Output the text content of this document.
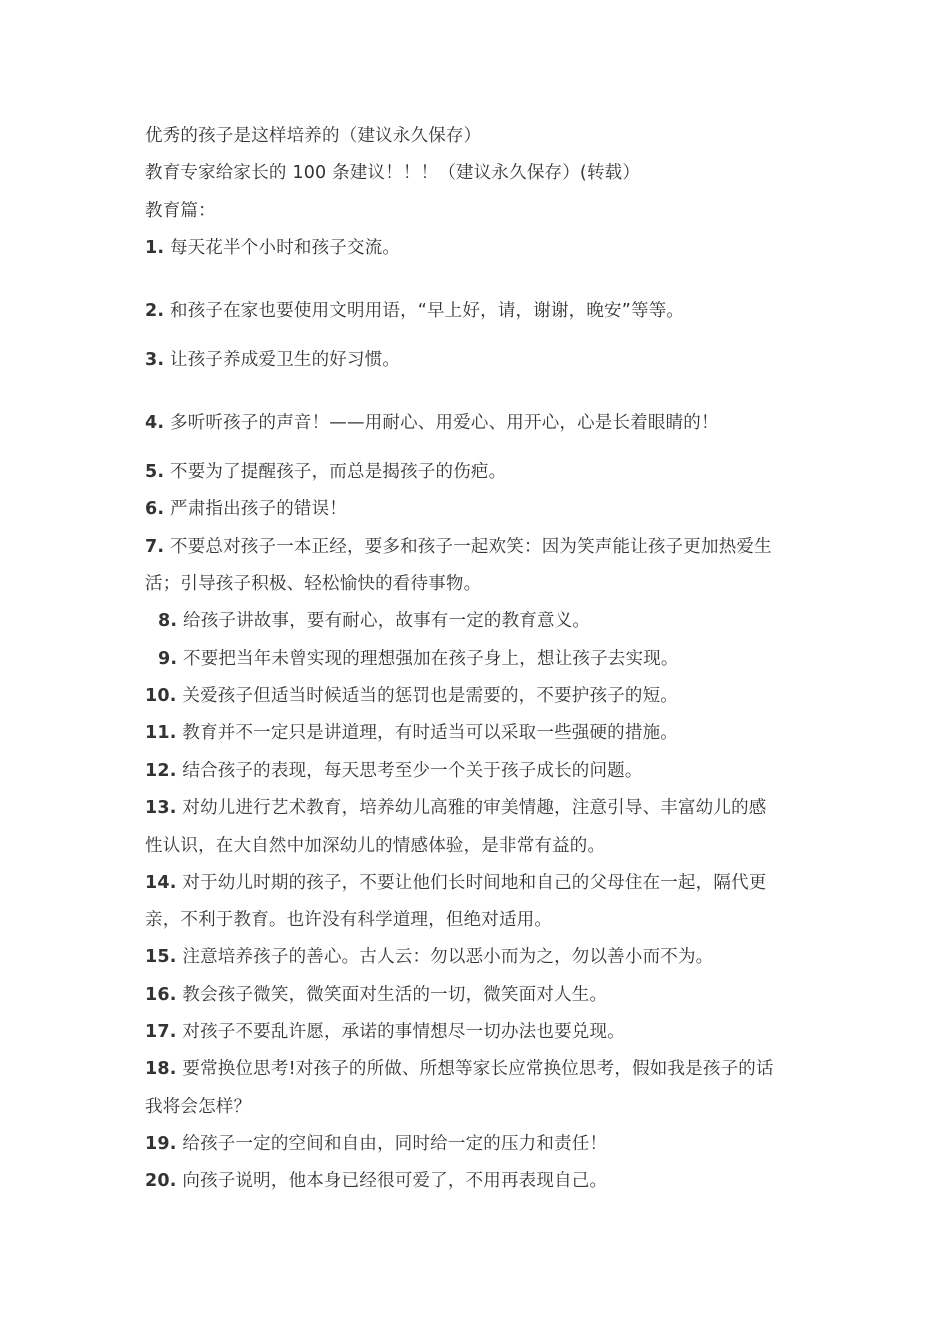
优秀的孩子是这样培养的（建议永久保存）
教育专家给家长的 100 条建议！！！（建议永久保存）(转载）
教育篇：
1. 每天花半个小时和孩子交流。
2. 和孩子在家也要使用文明用语，“早上好，请，谢谢，晚安”等等。
3. 让孩子养成爱卫生的好习惯。
4. 多听听孩子的声音！——用耐心、用爱心、用开心，心是长着眼睛的！
5. 不要为了提醒孩子，而总是揭孩子的伤疤。
6. 严肃指出孩子的错误！
7. 不要总对孩子一本正经，要多和孩子一起欢笑：因为笑声能让孩子更加热爱生
活；引导孩子积极、轻松愉快的看待事物。
8. 给孩子讲故事，要有耐心，故事有一定的教育意义。
9. 不要把当年未曾实现的理想强加在孩子身上，想让孩子去实现。
10. 关爱孩子但适当时候适当的惩罚也是需要的，不要护孩子的短。
11. 教育并不一定只是讲道理，有时适当可以采取一些强硬的措施。
12. 结合孩子的表现，每天思考至少一个关于孩子成长的问题。
13. 对幼儿进行艺术教育，培养幼儿高雅的审美情趣，注意引导、丰富幼儿的感
性认识，在大自然中加深幼儿的情感体验，是非常有益的。
14. 对于幼儿时期的孩子，不要让他们长时间地和自己的父母住在一起，隔代更
亲，不利于教育。也许没有科学道理，但绝对适用。
15. 注意培养孩子的善心。古人云：勿以恶小而为之，勿以善小而不为。
16. 教会孩子微笑，微笑面对生活的一切，微笑面对人生。
17. 对孩子不要乱许愿，承诺的事情想尽一切办法也要兑现。
18. 要常换位思考!对孩子的所做、所想等家长应常换位思考，假如我是孩子的话
我将会怎样？
19. 给孩子一定的空间和自由，同时给一定的压力和责任！
20. 向孩子说明，他本身已经很可爱了，不用再表现自己。
